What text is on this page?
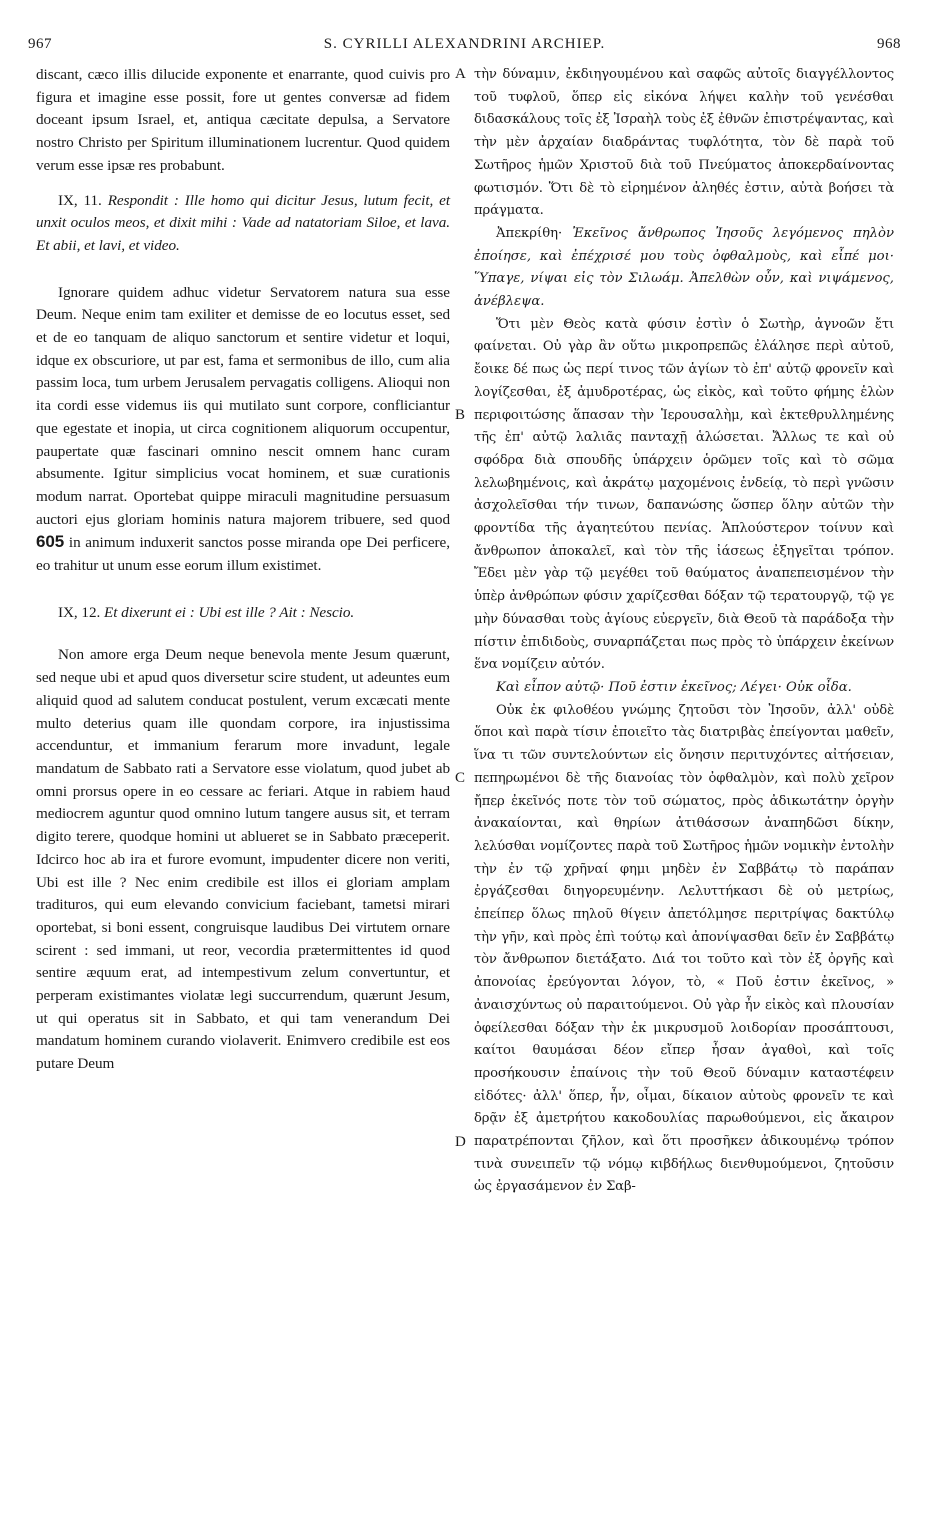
967	S. CYRILLI ALEXANDRINI ARCHIEP.	968
A
B
C
D

discant, cæco illis dilucide exponente et enarrante, quod cuivis pro figura et imagine esse possit, fore ut gentes conversæ ad fidem doceant ipsum Israel, et, antiqua cæcitate depulsa, a Servatore nostro Christo per Spiritum illuminationem lucrentur. Quod quidem verum esse ipsæ res probabunt.

IX, 11. Respondit : Ille homo qui dicitur Jesus, lutum fecit, et unxit oculos meos, et dixit mihi : Vade ad natatoriam Siloe, et lava. Et abii, et lavi, et video.

Ignorare quidem adhuc videtur Servatorem natura sua esse Deum. Neque enim tam exiliter et demisse de eo locutus esset, sed et de eo tanquam de aliquo sanctorum et sentire videtur et loqui, idque ex obscuriore, ut par est, fama et sermonibus de illo, cum alia passim loca, tum urbem Jerusalem pervagatis colligens. Alioqui non ita cordi esse videmus iis qui mutilato sunt corpore, confliciantur que egestate et inopia, ut circa cognitionem aliquorum occupentur, paupertate quæ fascinari omnino nescit omnem hanc curam absumente. Igitur simplicius vocat hominem, et suæ curationis modum narrat. Oportebat quippe miraculi magnitudine persuasum auctori ejus gloriam hominis natura majorem tribuere, sed quod 605 in animum induxerit sanctos posse miranda ope Dei perficere, eo trahitur ut unum esse eorum illum existimet.

IX, 12. Et dixerunt ei : Ubi est ille ? Ait : Nescio.

Non amore erga Deum neque benevola mente Jesum quærunt, sed neque ubi et apud quos diversetur scire student, ut adeuntes eum aliquid quod ad salutem conducat postulent, verum excæcati mente multo deterius quam ille quondam corpore, ira injustissima accenduntur, et immanium ferarum more invadunt, legale mandatum de Sabbato rati a Servatore esse violatum, quod jubet ab omni prorsus opere in eo cessare ac feriari. Atque in rabiem haud mediocrem aguntur quod omnino lutum tangere ausus sit, et terram digito terere, quodque homini ut ablueret se in Sabbato præceperit. Idcirco hoc ab ira et furore evomunt, impudenter dicere non veriti, Ubi est ille ? Nec enim credibile est illos ei gloriam amplam tradituros, qui eum elevando convicium faciebant, tametsi mirari oportebat, si boni essent, congruisque laudibus Dei virtutem ornare scirent : sed immani, ut reor, vecordia prætermittentes id quod sentire æquum erat, ad intempestivum zelum convertuntur, et perperam existimantes violatæ legi succurrendum, quærunt Jesum, ut qui operatus sit in Sabbato, et qui tam venerandum Dei mandatum hominem curando violaverit. Enimvero credibile est eos putare Deum

τὴν δύναμιν, ἐκδιηγουμένου καὶ σαφῶς αὐτοῖς διαγγέλλοντος τοῦ τυφλοῦ, ὅπερ εἰς εἰκόνα λήψει καλὴν τοῦ γενέσθαι διδασκάλους τοῖς ἐξ Ἰσραὴλ τοὺς ἐξ ἐθνῶν ἐπιστρέψαντας, καὶ τὴν μὲν ἀρχαίαν διαδράντας τυφλότητα, τὸν δὲ παρὰ τοῦ Σωτῆρος ἡμῶν Χριστοῦ διὰ τοῦ Πνεύματος ἀποκερδαίνοντας φωτισμόν. Ὅτι δὲ τὸ εἰρημένον ἀληθές ἐστιν, αὐτὰ βοήσει τὰ πράγματα.

Ἀπεκρίθη· Ἐκεῖνος ἄνθρωπος Ἰησοῦς λεγόμενος πηλὸν ἐποίησε, καὶ ἐπέχρισέ μου τοὺς ὀφθαλμοὺς, καὶ εἶπέ μοι· Ὕπαγε, νίψαι εἰς τὸν Σιλωάμ. Ἀπελθὼν οὖν, καὶ νιψάμενος, ἀνέβλεψα.

Ὅτι μὲν Θεὸς κατὰ φύσιν ἐστὶν ὁ Σωτὴρ, ἀγνοῶν ἔτι φαίνεται. Οὐ γὰρ ἂν οὕτω μικροπρεπῶς ἐλάλησε περὶ αὐτοῦ, ἔοικε δέ πως ὡς περί τινος τῶν ἁγίων τὸ ἐπ' αὐτῷ φρονεῖν καὶ λογίζεσθαι, ἐξ ἀμυδροτέρας, ὡς εἰκὸς, καὶ τοῦτο φήμης ἑλὼν περιφοιτώσης ἅπασαν τὴν Ἱερουσαλὴμ, καὶ ἐκτεθρυλλημένης τῆς ἐπ' αὐτῷ λαλιᾶς πανταχῇ ἁλώσεται. Ἄλλως τε καὶ οὐ σφόδρα διὰ σπουδῆς ὑπάρχειν ὁρῶμεν τοῖς καὶ τὸ σῶμα λελωβημένοις, καὶ ἀκράτῳ μαχομένοις ἐνδείᾳ, τὸ περὶ γνῶσιν ἀσχολεῖσθαι τήν τινων, δαπανώσης ὥσπερ ὅλην αὐτῶν τὴν φροντίδα τῆς ἀγαητεύτου πενίας. Ἁπλούστερον τοίνυν καὶ ἄνθρωπον ἀποκαλεῖ, καὶ τὸν τῆς ἰάσεως ἐξηγεῖται τρόπον. Ἔδει μὲν γὰρ τῷ μεγέθει τοῦ θαύματος ἀναπεπεισμένον τὴν ὑπὲρ ἀνθρώπων φύσιν χαρίζεσθαι δόξαν τῷ τερατουργῷ, τῷ γε μὴν δύνασθαι τοὺς ἁγίους εὐεργεῖν, διὰ Θεοῦ τὰ παράδοξα τὴν πίστιν ἐπιδιδοὺς, συναρπάζεται πως πρὸς τὸ ὑπάρχειν ἐκείνων ἕνα νομίζειν αὐτόν.

Καὶ εἶπον αὐτῷ· Ποῦ ἐστιν ἐκεῖνος; Λέγει· Οὐκ οἶδα.

Οὐκ ἐκ φιλοθέου γνώμης ζητοῦσι τὸν Ἰησοῦν, ἀλλ' οὐδὲ ὅποι καὶ παρὰ τίσιν ἐποιεῖτο τὰς διατριβὰς ἐπείγονται μαθεῖν, ἵνα τι τῶν συντελούντων εἰς ὄνησιν περιτυχόντες αἰτήσειαν, πεπηρωμένοι δὲ τῆς διανοίας τὸν ὀφθαλμὸν, καὶ πολὺ χεῖρον ἤπερ ἐκεῖνός ποτε τὸν τοῦ σώματος, πρὸς ἀδικωτάτην ὀργὴν ἀνακαίονται, καὶ θηρίων ἀτιθάσσων ἀναπηδῶσι δίκην, λελύσθαι νομίζοντες παρὰ τοῦ Σωτῆρος ἡμῶν νομικὴν ἐντολὴν τὴν ἐν τῷ χρῆναί φημι μηδὲν ἐν Σαββάτῳ τὸ παράπαν ἐργάζεσθαι διηγορευμένην. Λελυττήκασι δὲ οὐ μετρίως, ἐπείπερ ὅλως πηλοῦ θίγειν ἀπετόλμησε περιτρίψας δακτύλῳ τὴν γῆν, καὶ πρὸς ἐπὶ τούτῳ καὶ ἀπονίψασθαι δεῖν ἐν Σαββάτῳ τὸν ἄνθρωπον διετάξατο. Διά τοι τοῦτο καὶ τὸν ἐξ ὀργῆς καὶ ἀπονοίας ἐρεύγονται λόγον, τὸ, « Ποῦ ἐστιν ἐκεῖνος, » ἀναισχύντως οὐ παραιτούμενοι. Οὐ γὰρ ἦν εἰκὸς καὶ πλουσίαν ὀφείλεσθαι δόξαν τὴν ἐκ μικρυσμοῦ λοιδορίαν προσάπτουσι, καίτοι θαυμάσαι δέον εἴπερ ἦσαν ἀγαθοὶ, καὶ τοῖς προσήκουσιν ἐπαίνοις τὴν τοῦ Θεοῦ δύναμιν καταστέφειν εἰδότες· ἀλλ' ὅπερ, ἦν, οἶμαι, δίκαιον αὐτοὺς φρονεῖν τε καὶ δρᾷν ἐξ ἀμετρήτου κακοδουλίας παρωθούμενοι, εἰς ἄκαιρον παρατρέπονται ζῆλον, καὶ ὅτι προσῆκεν ἀδικουμένῳ τρόπον τινὰ συνειπεῖν τῷ νόμῳ κιβδήλως διενθυμούμενοι, ζητοῦσιν ὡς ἐργασάμενον ἐν Σαβ-
